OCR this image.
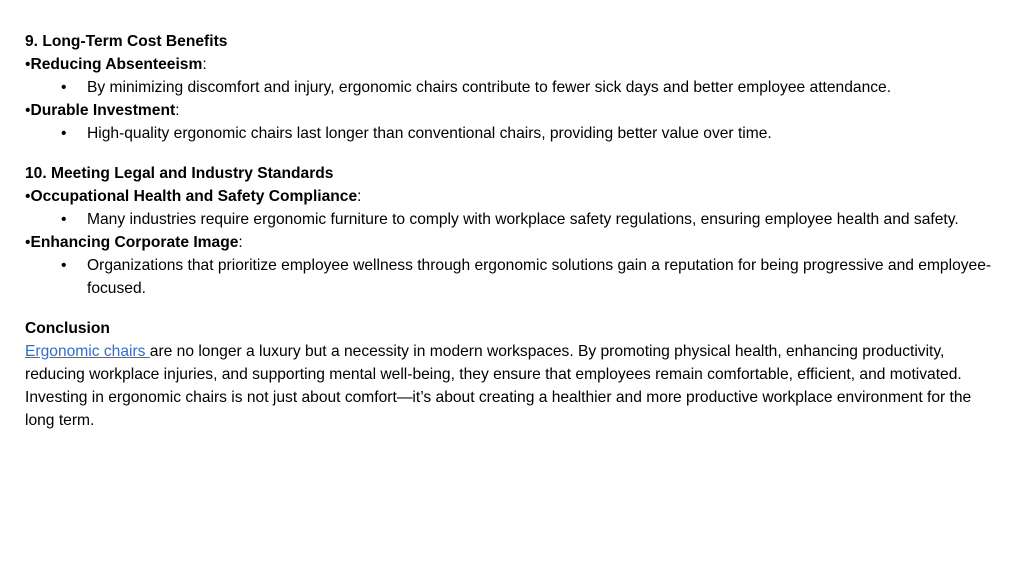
9. Long-Term Cost Benefits
•Reducing Absenteeism:
• By minimizing discomfort and injury, ergonomic chairs contribute to fewer sick days and better employee attendance.
•Durable Investment:
• High-quality ergonomic chairs last longer than conventional chairs, providing better value over time.
10. Meeting Legal and Industry Standards
•Occupational Health and Safety Compliance:
• Many industries require ergonomic furniture to comply with workplace safety regulations, ensuring employee health and safety.
•Enhancing Corporate Image:
• Organizations that prioritize employee wellness through ergonomic solutions gain a reputation for being progressive and employee-focused.
Conclusion
Ergonomic chairs are no longer a luxury but a necessity in modern workspaces. By promoting physical health, enhancing productivity, reducing workplace injuries, and supporting mental well-being, they ensure that employees remain comfortable, efficient, and motivated. Investing in ergonomic chairs is not just about comfort—it’s about creating a healthier and more productive workplace environment for the long term.
